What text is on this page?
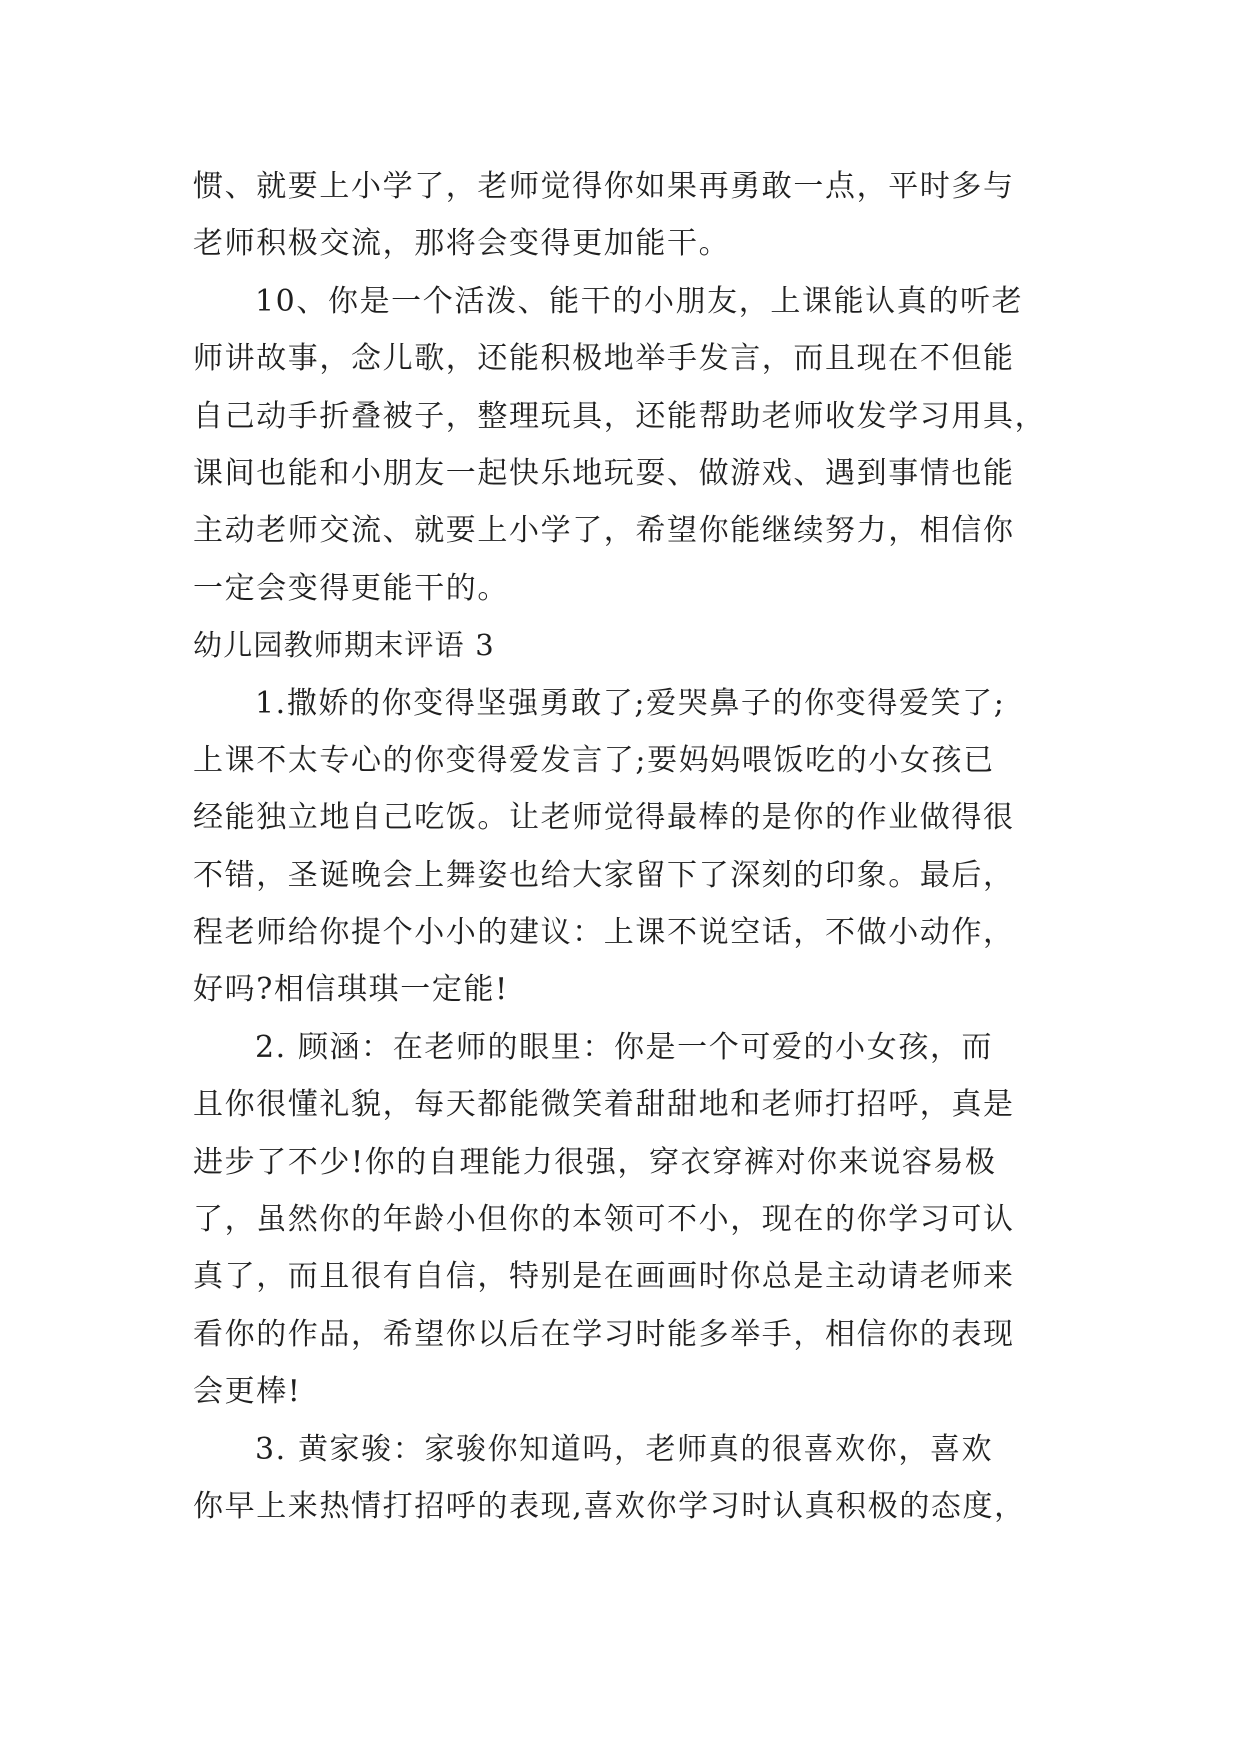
惯、就要上小学了，老师觉得你如果再勇敢一点，平时多与
老师积极交流，那将会变得更加能干。
10、你是一个活泼、能干的小朋友，上课能认真的听老
师讲故事，念儿歌，还能积极地举手发言，而且现在不但能
自己动手折叠被子，整理玩具，还能帮助老师收发学习用具，
课间也能和小朋友一起快乐地玩耍、做游戏、遇到事情也能
主动老师交流、就要上小学了，希望你能继续努力，相信你
一定会变得更能干的。
幼儿园教师期末评语 3
1.撒娇的你变得坚强勇敢了;爱哭鼻子的你变得爱笑了;
上课不太专心的你变得爱发言了;要妈妈喂饭吃的小女孩已
经能独立地自己吃饭。让老师觉得最棒的是你的作业做得很
不错，圣诞晚会上舞姿也给大家留下了深刻的印象。最后，
程老师给你提个小小的建议：上课不说空话，不做小动作，
好吗?相信琪琪一定能!
2. 顾涵：在老师的眼里：你是一个可爱的小女孩，而
且你很懂礼貌，每天都能微笑着甜甜地和老师打招呼，真是
进步了不少!你的自理能力很强，穿衣穿裤对你来说容易极
了，虽然你的年龄小但你的本领可不小，现在的你学习可认
真了，而且很有自信，特别是在画画时你总是主动请老师来
看你的作品，希望你以后在学习时能多举手，相信你的表现
会更棒!
3. 黄家骏：家骏你知道吗，老师真的很喜欢你，喜欢
你早上来热情打招呼的表现,喜欢你学习时认真积极的态度，
